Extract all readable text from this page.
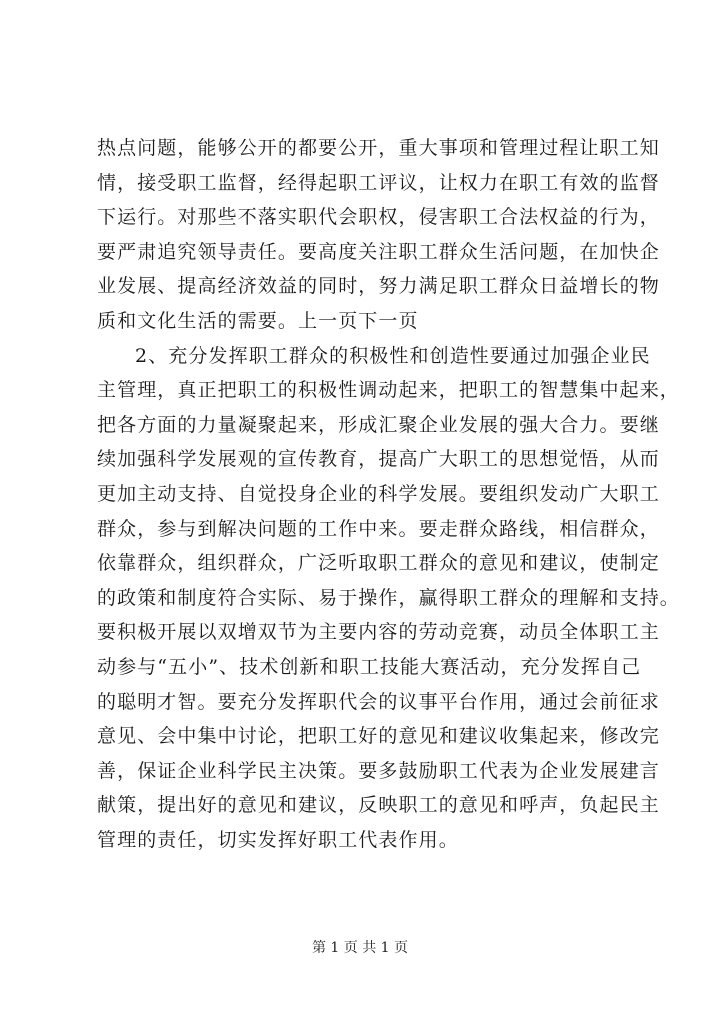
热点问题，能够公开的都要公开，重大事项和管理过程让职工知
情，接受职工监督，经得起职工评议，让权力在职工有效的监督
下运行。对那些不落实职代会职权，侵害职工合法权益的行为，
要严肃追究领导责任。要高度关注职工群众生活问题，在加快企
业发展、提高经济效益的同时，努力满足职工群众日益增长的物
质和文化生活的需要。上一页下一页
2、充分发挥职工群众的积极性和创造性要通过加强企业民
主管理，真正把职工的积极性调动起来，把职工的智慧集中起来，
把各方面的力量凝聚起来，形成汇聚企业发展的强大合力。要继
续加强科学发展观的宣传教育，提高广大职工的思想觉悟，从而
更加主动支持、自觉投身企业的科学发展。要组织发动广大职工
群众，参与到解决问题的工作中来。要走群众路线，相信群众，
依靠群众，组织群众，广泛听取职工群众的意见和建议，使制定
的政策和制度符合实际、易于操作，赢得职工群众的理解和支持。
要积极开展以双增双节为主要内容的劳动竞赛，动员全体职工主
动参与“五小”、技术创新和职工技能大赛活动，充分发挥自己
的聪明才智。要充分发挥职代会的议事平台作用，通过会前征求
意见、会中集中讨论，把职工好的意见和建议收集起来，修改完
善，保证企业科学民主决策。要多鼓励职工代表为企业发展建言
献策，提出好的意见和建议，反映职工的意见和呼声，负起民主
管理的责任，切实发挥好职工代表作用。
第 1 页 共 1 页
